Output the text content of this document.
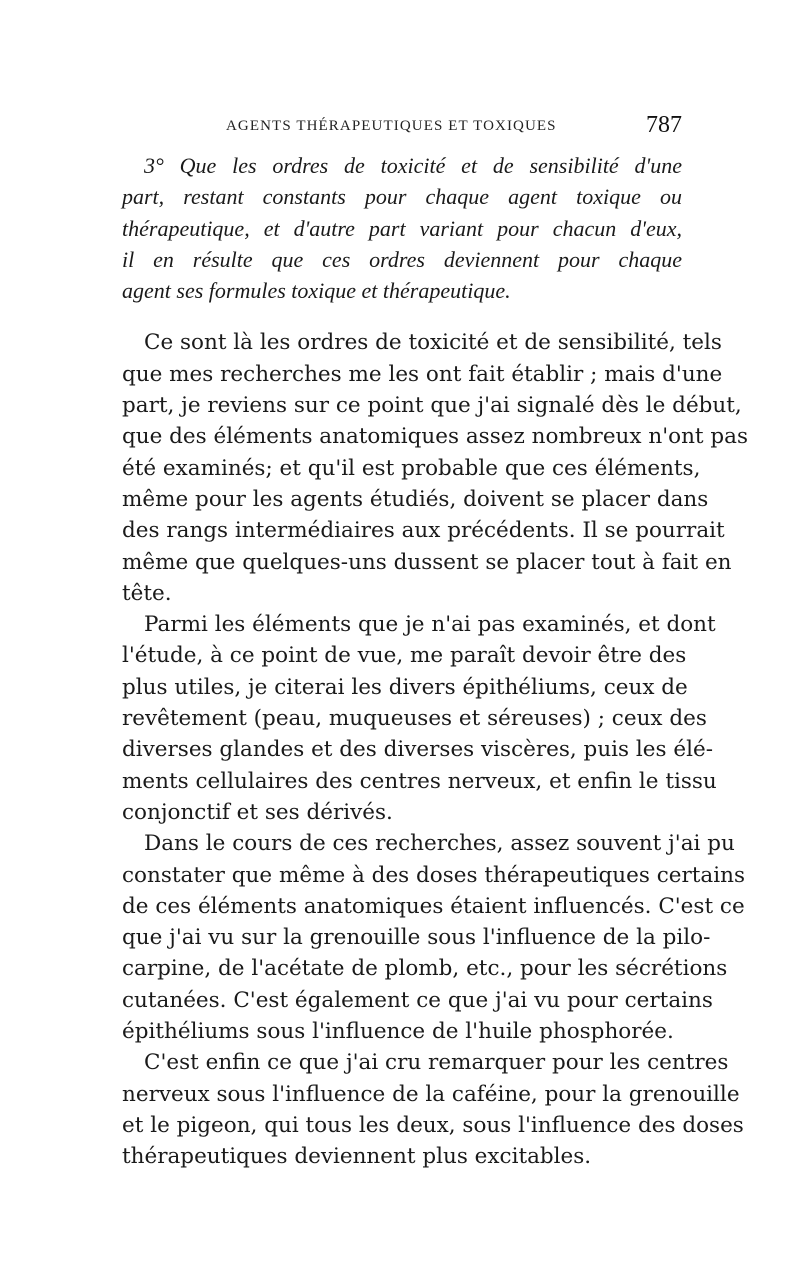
AGENTS THÉRAPEUTIQUES ET TOXIQUES	787
3° Que les ordres de toxicité et de sensibilité d'une
part, restant constants pour chaque agent toxique ou
thérapeutique, et d'autre part variant pour chacun d'eux,
il en résulte que ces ordres deviennent pour chaque
agent ses formules toxique et thérapeutique.
Ce sont là les ordres de toxicité et de sensibilité, tels
que mes recherches me les ont fait établir ; mais d'une
part, je reviens sur ce point que j'ai signalé dès le début,
que des éléments anatomiques assez nombreux n'ont pas
été examinés; et qu'il est probable que ces éléments,
même pour les agents étudiés, doivent se placer dans
des rangs intermédiaires aux précédents. Il se pourrait
même que quelques-uns dussent se placer tout à fait en
tête.
Parmi les éléments que je n'ai pas examinés, et dont
l'étude, à ce point de vue, me paraît devoir être des
plus utiles, je citerai les divers épithéliums, ceux de
revêtement (peau, muqueuses et séreuses) ; ceux des
diverses glandes et des diverses viscères, puis les élé-
ments cellulaires des centres nerveux, et enfin le tissu
conjonctif et ses dérivés.
Dans le cours de ces recherches, assez souvent j'ai pu
constater que même à des doses thérapeutiques certains
de ces éléments anatomiques étaient influencés. C'est ce
que j'ai vu sur la grenouille sous l'influence de la pilo-
carpine, de l'acétate de plomb, etc., pour les sécrétions
cutanées. C'est également ce que j'ai vu pour certains
épithéliums sous l'influence de l'huile phosphorée.
C'est enfin ce que j'ai cru remarquer pour les centres
nerveux sous l'influence de la caféine, pour la grenouille
et le pigeon, qui tous les deux, sous l'influence des doses
thérapeutiques deviennent plus excitables.
